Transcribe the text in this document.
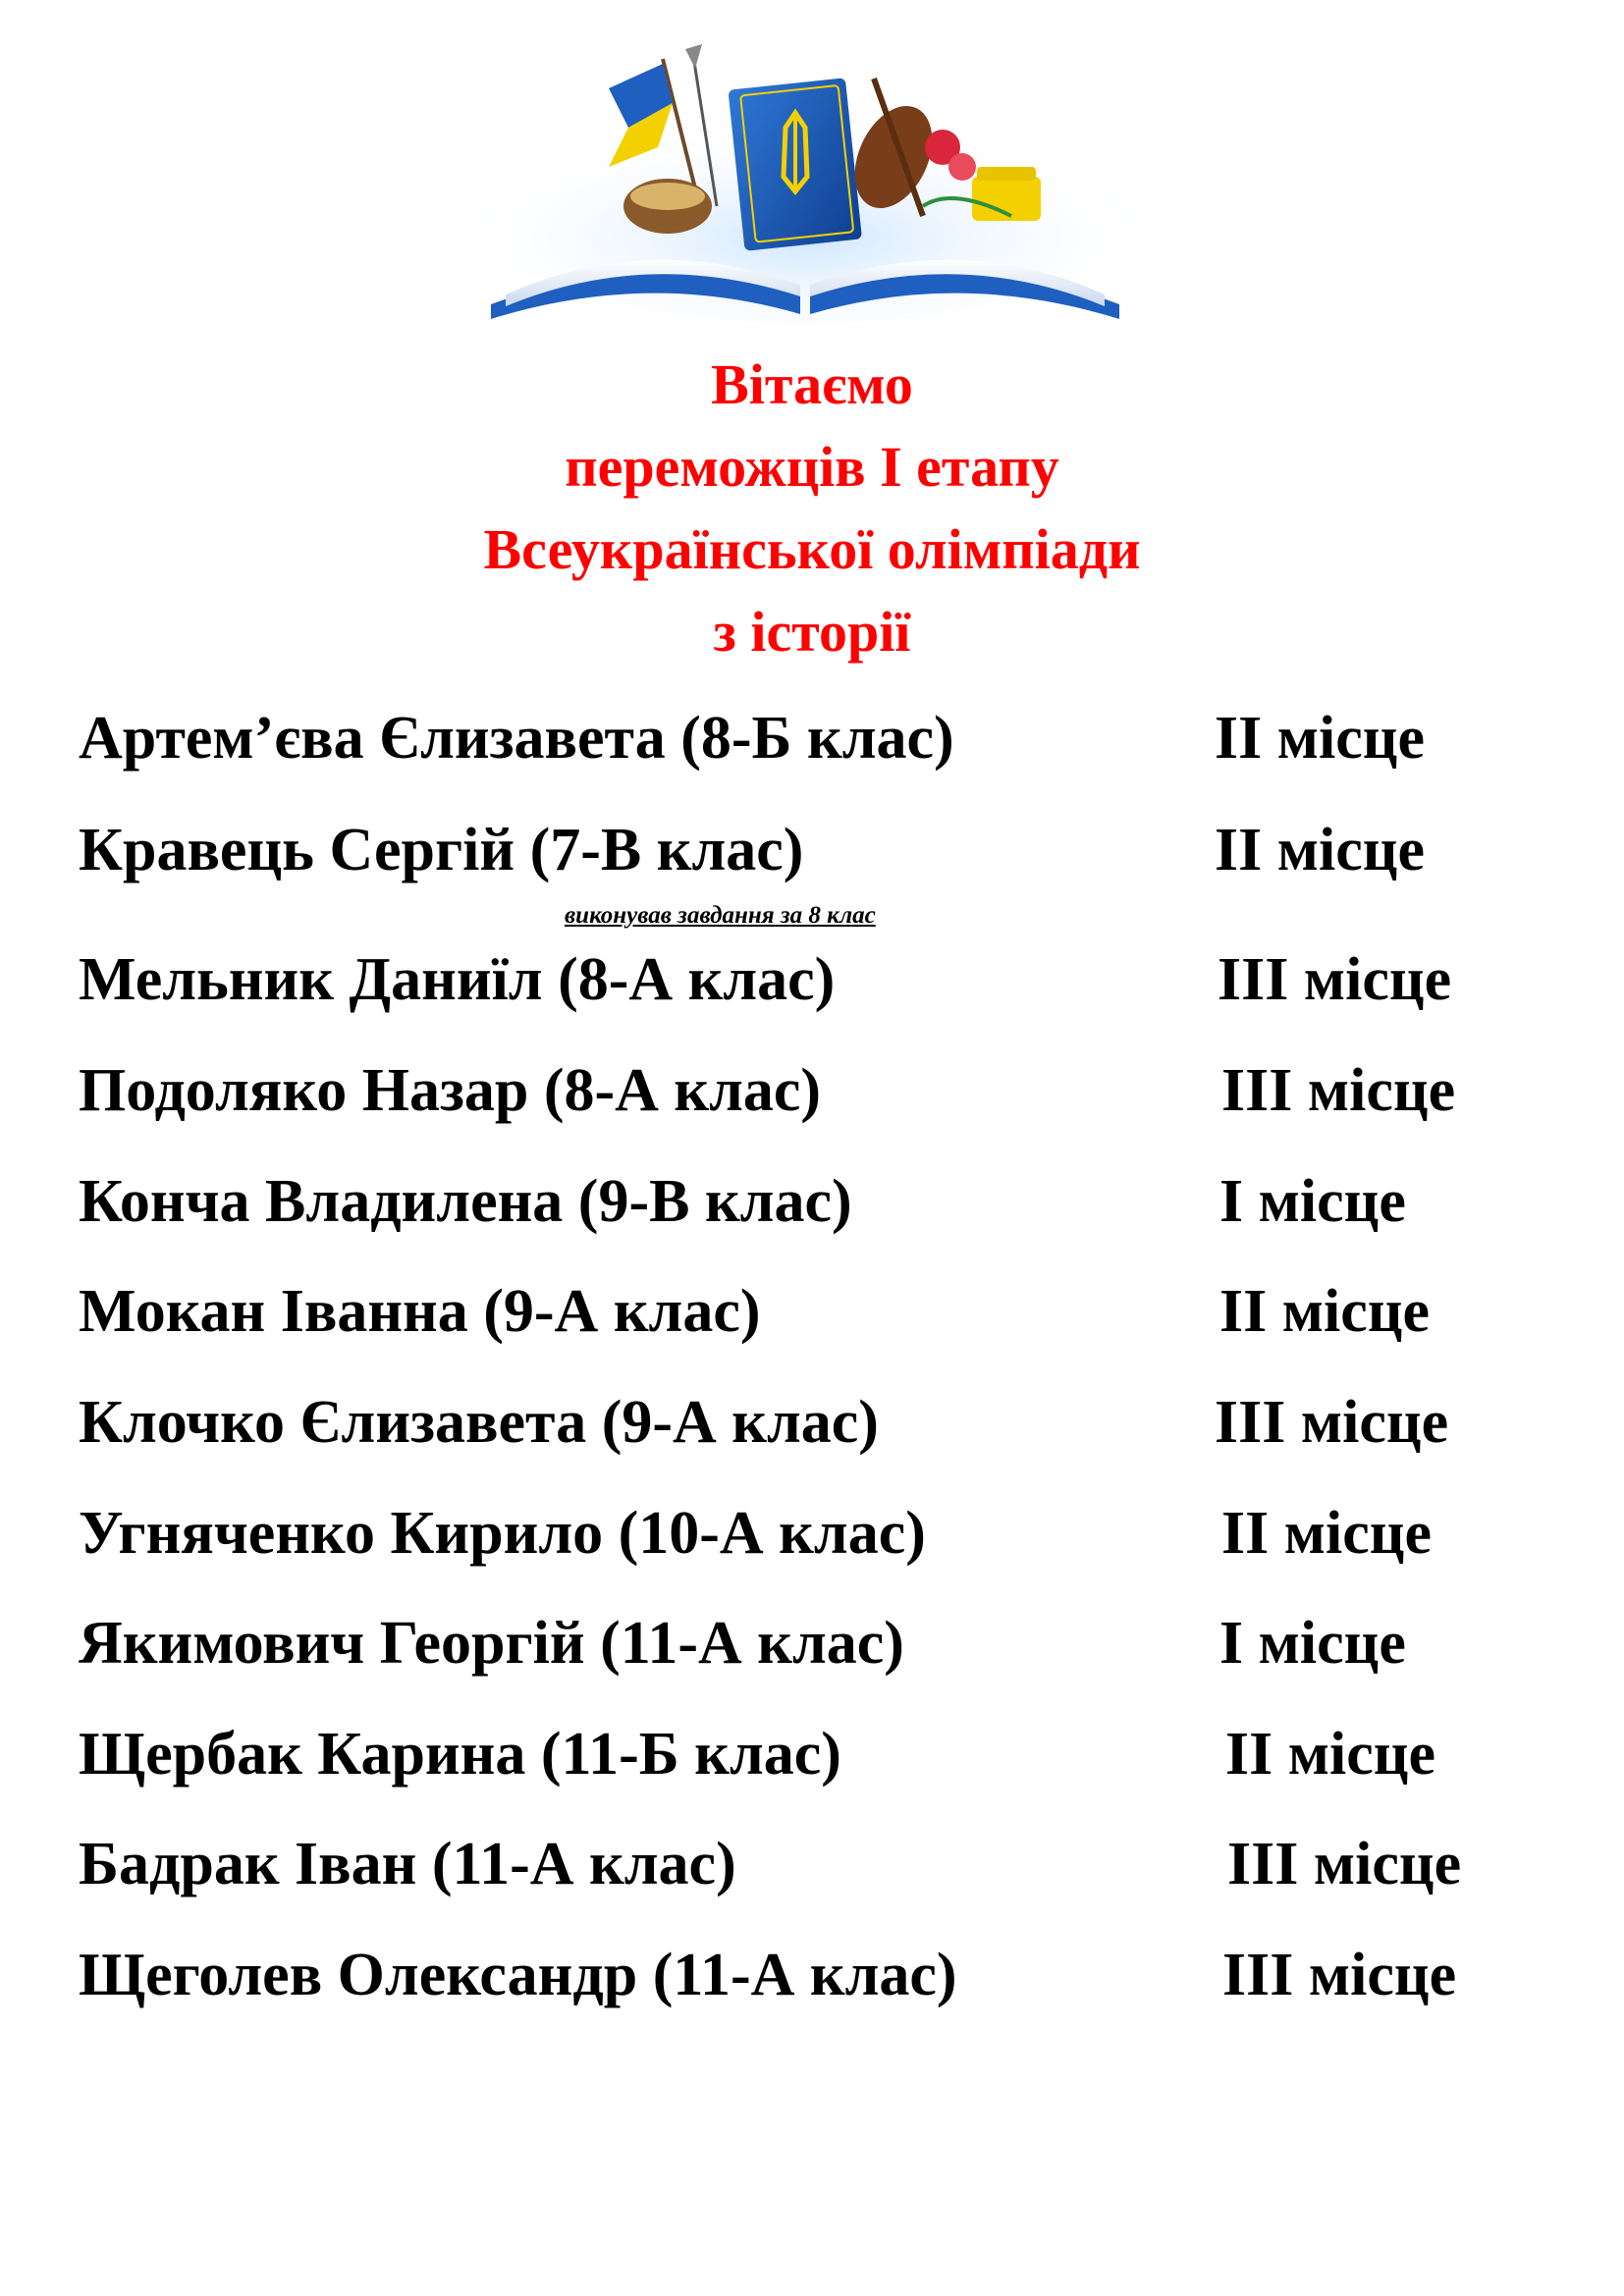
Вітаємо
переможців І етапу
Всеукраїнської олімпіади
з історії
Артем’єва Єлизавета (8-Б клас)	ІІ місце
Кравець Сергій (7-В клас)	ІІ місце
виконував завдання за 8 клас
Мельник Даниїл (8-А клас)	ІІІ місце
Подоляко Назар (8-А клас)	ІІІ місце
Конча Владилена (9-В клас)	І місце
Мокан Іванна (9-А клас)	ІІ місце
Клочко Єлизавета (9-А клас)	ІІІ місце
Угняченко Кирило (10-А клас)	ІІ місце
Якимович Георгій (11-А клас)	І місце
Щербак Карина (11-Б клас)	ІІ місце
Бадрак Іван (11-А клас)	ІІІ місце
Щеголев Олександр (11-А клас)	ІІІ місце
